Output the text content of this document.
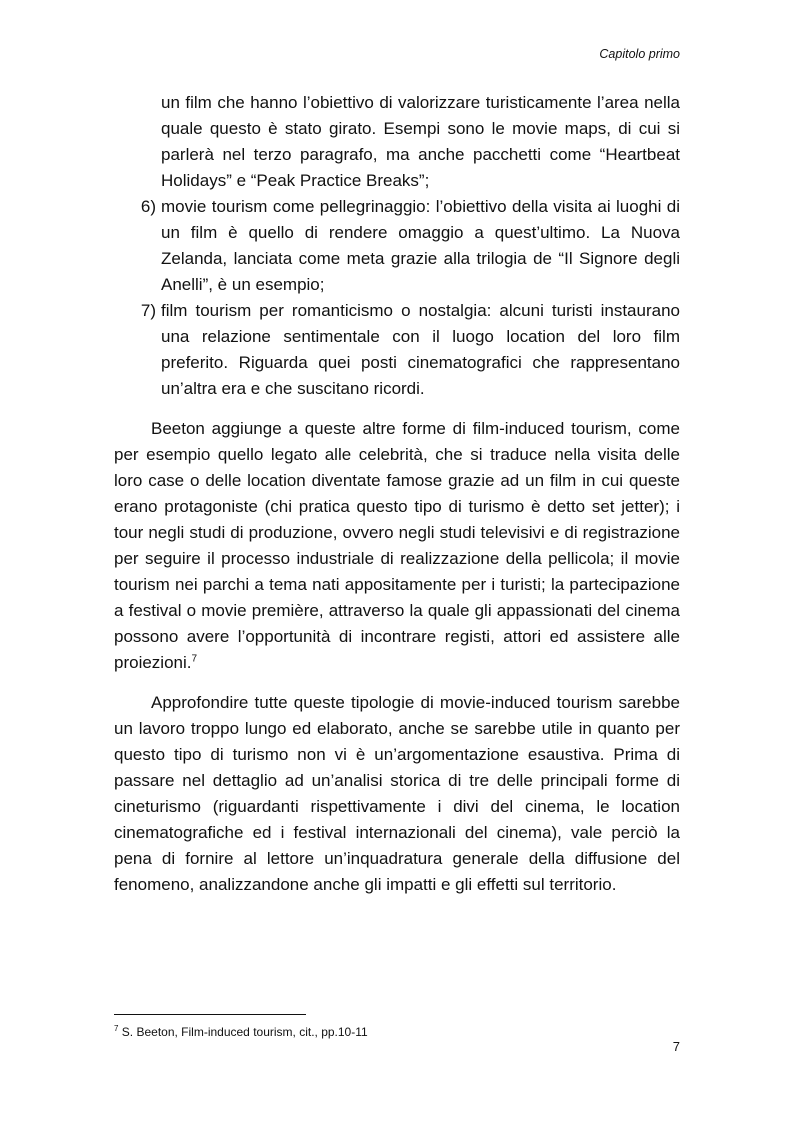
Capitolo primo

un film che hanno l’obiettivo di valorizzare turisticamente l’area nella quale questo è stato girato. Esempi sono le movie maps, di cui si parlerà nel terzo paragrafo, ma anche pacchetti come “Heartbeat Holidays” e “Peak Practice Breaks”;

6) movie tourism come pellegrinaggio: l’obiettivo della visita ai luoghi di un film è quello di rendere omaggio a quest’ultimo. La Nuova Zelanda, lanciata come meta grazie alla trilogia de “Il Signore degli Anelli”, è un esempio;

7) film tourism per romanticismo o nostalgia: alcuni turisti instaurano una relazione sentimentale con il luogo location del loro film preferito. Riguarda quei posti cinematografici che rappresentano un’altra era e che suscitano ricordi.

Beeton aggiunge a queste altre forme di film-induced tourism, come per esempio quello legato alle celebrità, che si traduce nella visita delle loro case o delle location diventate famose grazie ad un film in cui queste erano protagoniste (chi pratica questo tipo di turismo è detto set jetter); i tour negli studi di produzione, ovvero negli studi televisivi e di registrazione per seguire il processo industriale di realizzazione della pellicola; il movie tourism nei parchi a tema nati appositamente per i turisti; la partecipazione a festival o movie première, attraverso la quale gli appassionati del cinema possono avere l’opportunità di incontrare registi, attori ed assistere alle proiezioni.$^7$

Approfondire tutte queste tipologie di movie-induced tourism sarebbe un lavoro troppo lungo ed elaborato, anche se sarebbe utile in quanto per questo tipo di turismo non vi è un’argomentazione esaustiva. Prima di passare nel dettaglio ad un’analisi storica di tre delle principali forme di cineturismo (riguardanti rispettivamente i divi del cinema, le location cinematografiche ed i festival internazionali del cinema), vale perciò la pena di fornire al lettore un’inquadratura generale della diffusione del fenomeno, analizzandone anche gli impatti e gli effetti sul territorio.

$^7$ S. Beeton, Film-induced tourism, cit., pp.10-11
7
